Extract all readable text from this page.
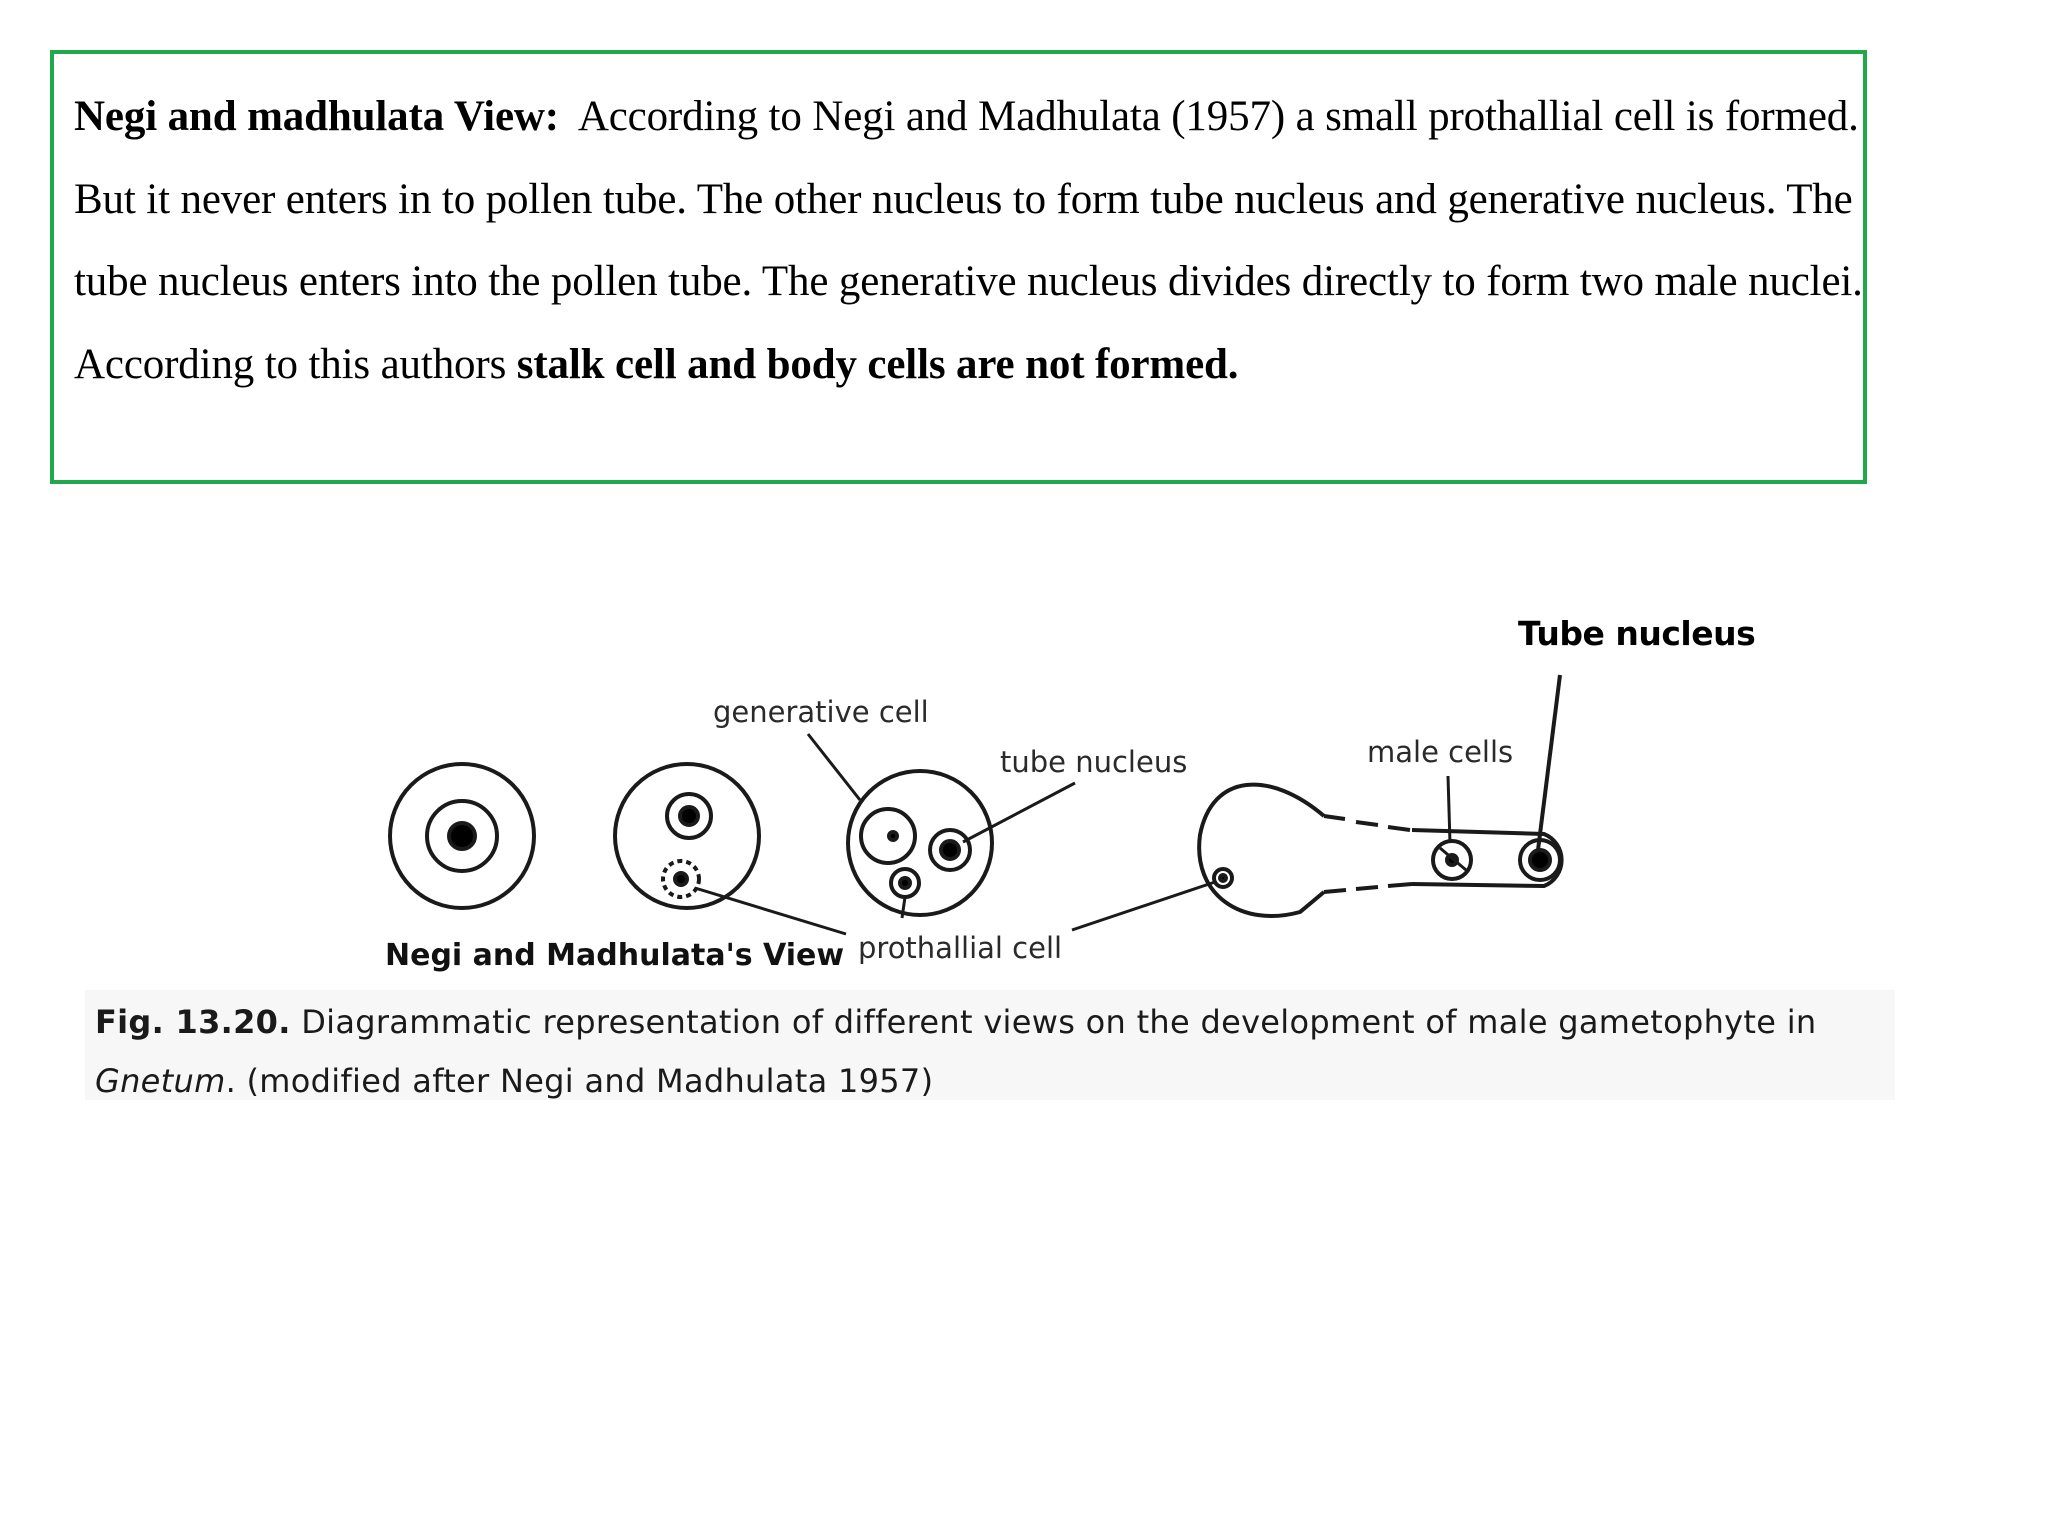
Negi and madhulata View: According to Negi and Madhulata (1957) a small prothallial cell is formed. But it never enters in to pollen tube. The other nucleus to form tube nucleus and generative nucleus. The tube nucleus enters into the pollen tube. The generative nucleus divides directly to form two male nuclei. According to this authors stalk cell and body cells are not formed.

Tube nucleus
generative cell
tube nucleus	male cells
prothallial cell
Negi and Madhulata's View
Fig. 13.20. Diagrammatic representation of different views on the development of male gametophyte in Gnetum. (modified after Negi and Madhulata 1957)
